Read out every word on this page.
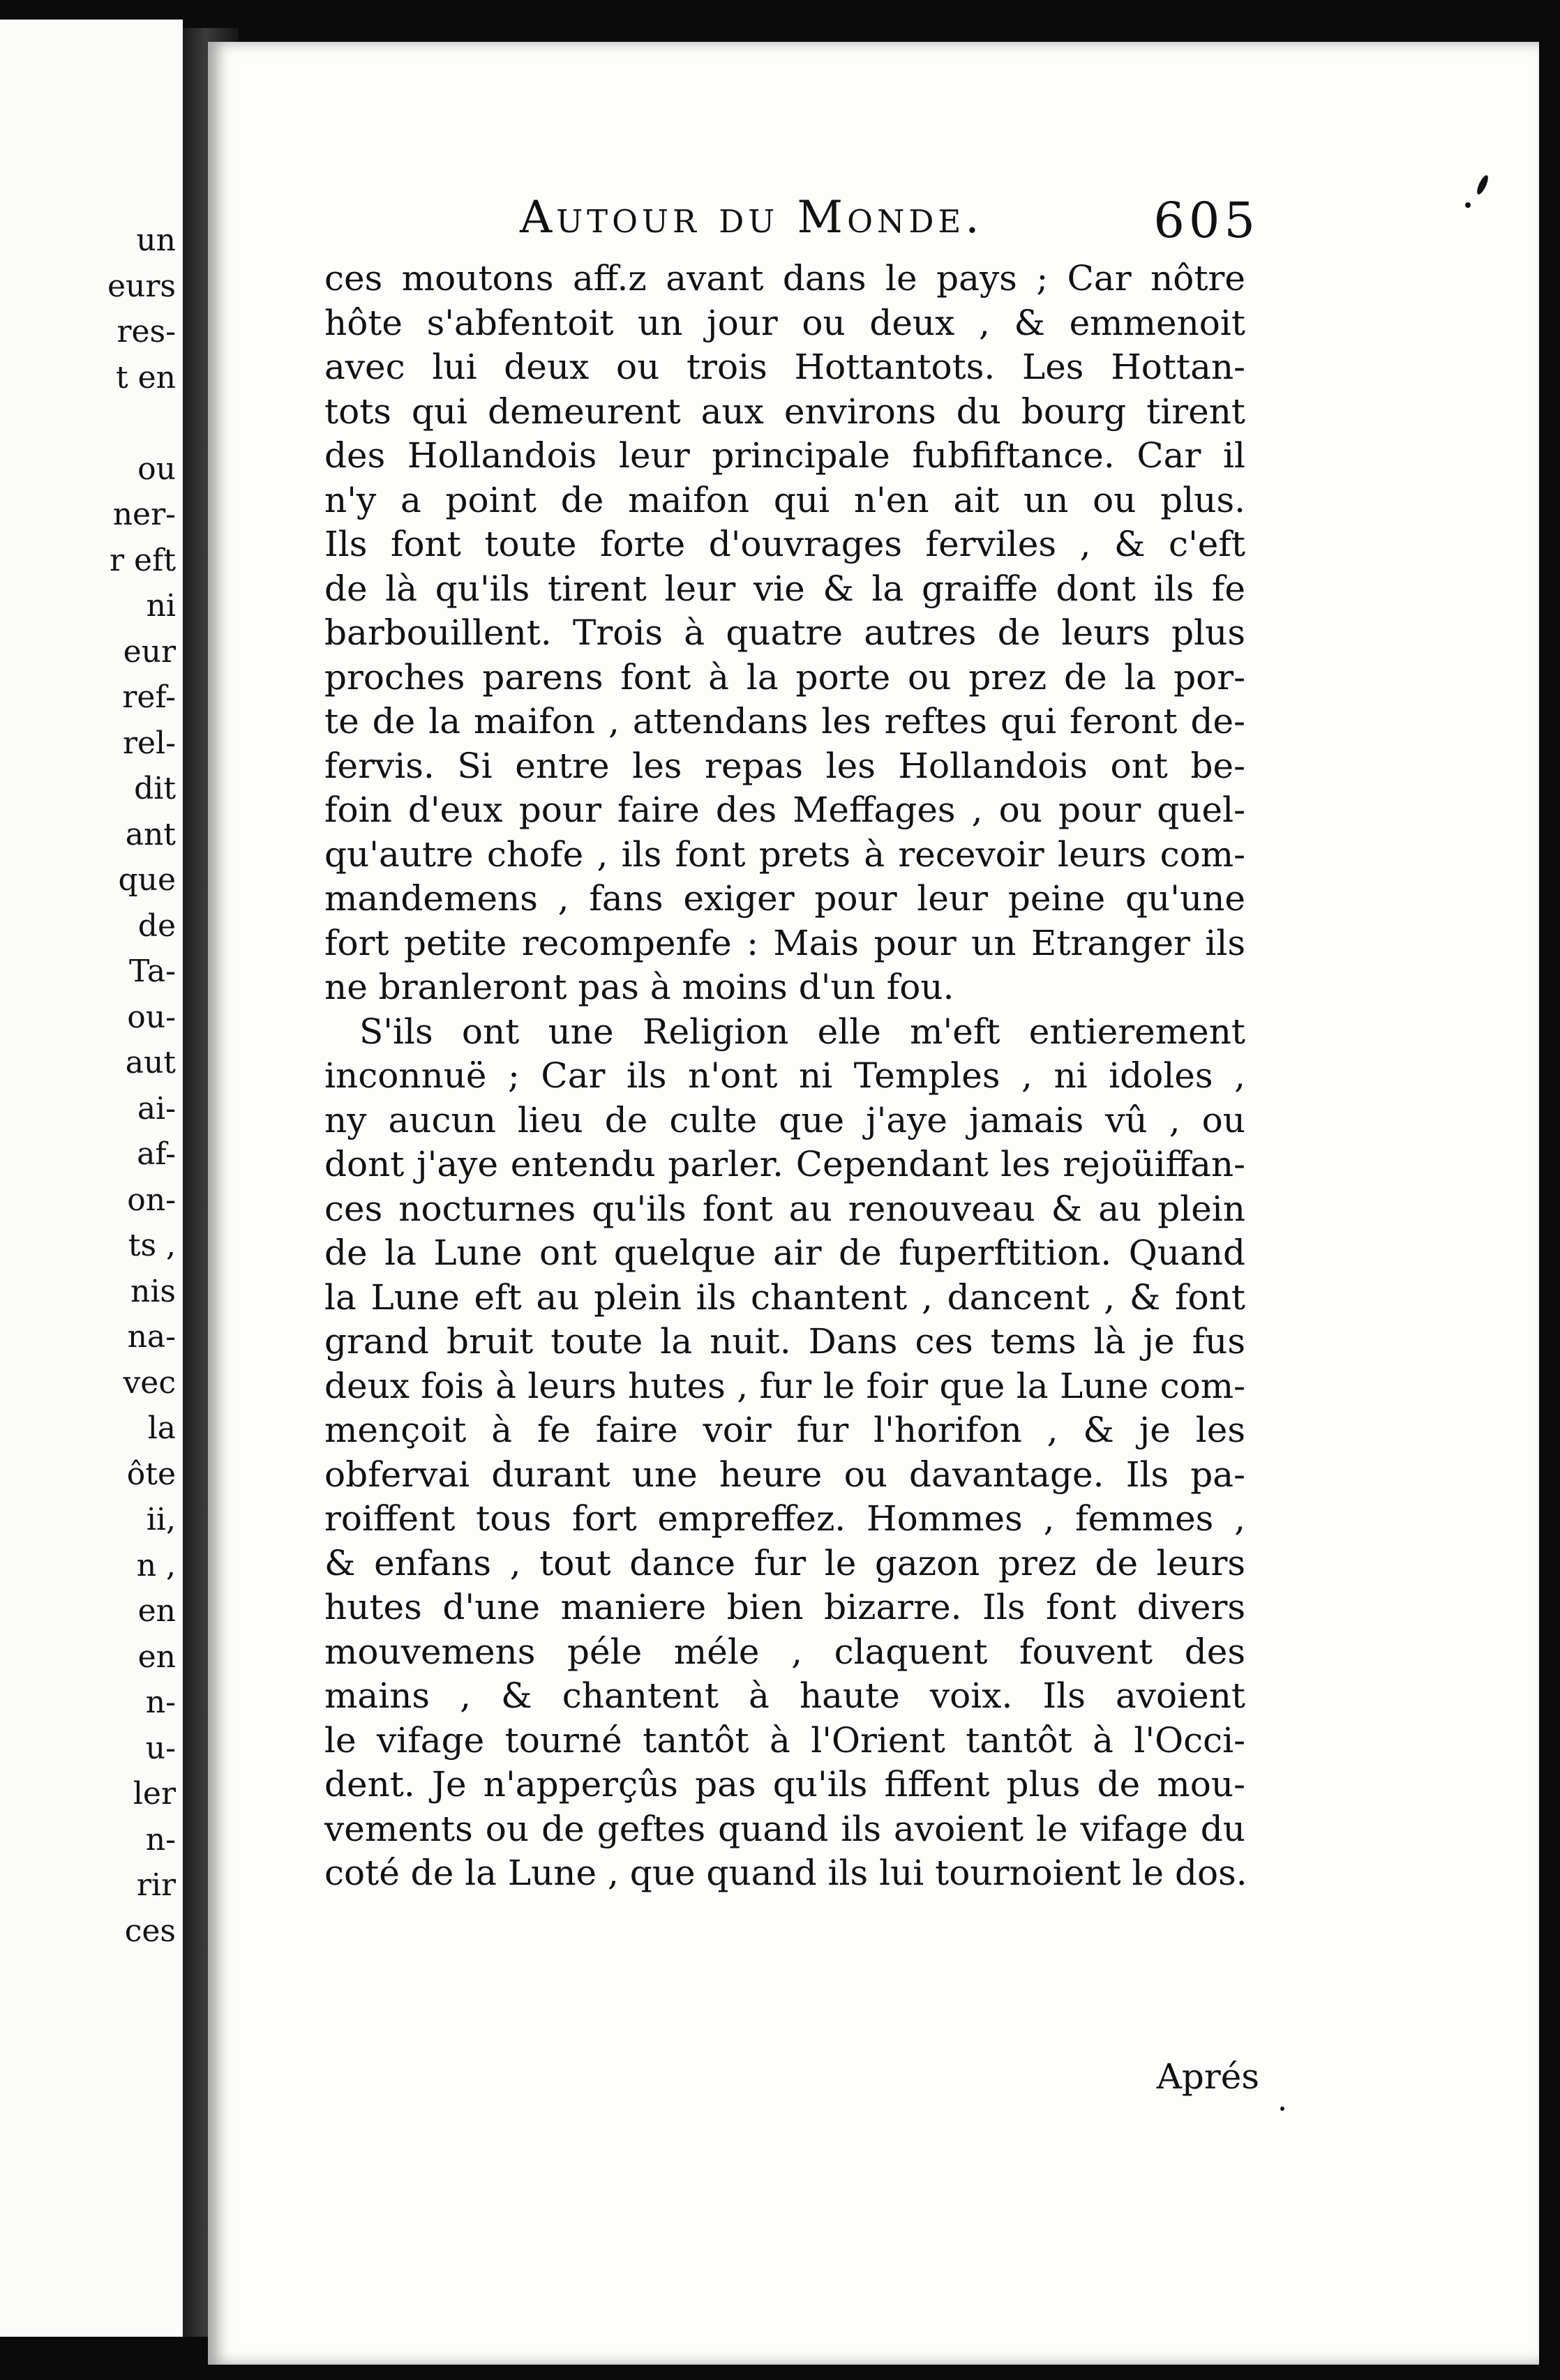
un
eurs
res-
t en
ou
ner-
r eft
ni
eur
ref-
rel-
dit
ant
que
de
Ta-
ou-
aut
ai-
af-
on-
ts ,
nis
na-
vec
la
ôte
ii,
n ,
en
en
n-
u-
ler
n-
rir
ces
Autour du Monde.	605
ces moutons aff.z avant dans le pays ; Car nôtre
hôte s'abfentoit un jour ou deux , & emmenoit
avec lui deux ou trois Hottantots. Les Hottan-
tots qui demeurent aux environs du bourg tirent
des Hollandois leur principale fubfiftance. Car il
n'y a point de maifon qui n'en ait un ou plus.
Ils font toute forte d'ouvrages ferviles , & c'eft
de là qu'ils tirent leur vie & la graiffe dont ils fe
barbouillent. Trois à quatre autres de leurs plus
proches parens font à la porte ou prez de la por-
te de la maifon , attendans les reftes qui feront de-
fervis. Si entre les repas les Hollandois ont be-
foin d'eux pour faire des Meffages , ou pour quel-
qu'autre chofe , ils font prets à recevoir leurs com-
mandemens , fans exiger pour leur peine qu'une
fort petite recompenfe : Mais pour un Etranger ils
ne branleront pas à moins d'un fou.
S'ils ont une Religion elle m'eft entierement
inconnuë ; Car ils n'ont ni Temples , ni idoles ,
ny aucun lieu de culte que j'aye jamais vû , ou
dont j'aye entendu parler. Cependant les rejoüiffan-
ces nocturnes qu'ils font au renouveau & au plein
de la Lune ont quelque air de fuperftition. Quand
la Lune eft au plein ils chantent , dancent , & font
grand bruit toute la nuit. Dans ces tems là je fus
deux fois à leurs hutes , fur le foir que la Lune com-
mençoit à fe faire voir fur l'horifon , & je les
obfervai durant une heure ou davantage. Ils pa-
roiffent tous fort empreffez. Hommes , femmes ,
& enfans , tout dance fur le gazon prez de leurs
hutes d'une maniere bien bizarre. Ils font divers
mouvemens péle méle , claquent fouvent des
mains , & chantent à haute voix. Ils avoient
le vifage tourné tantôt à l'Orient tantôt à l'Occi-
dent. Je n'apperçûs pas qu'ils fiffent plus de mou-
vements ou de geftes quand ils avoient le vifage du
coté de la Lune , que quand ils lui tournoient le dos.
Aprés
